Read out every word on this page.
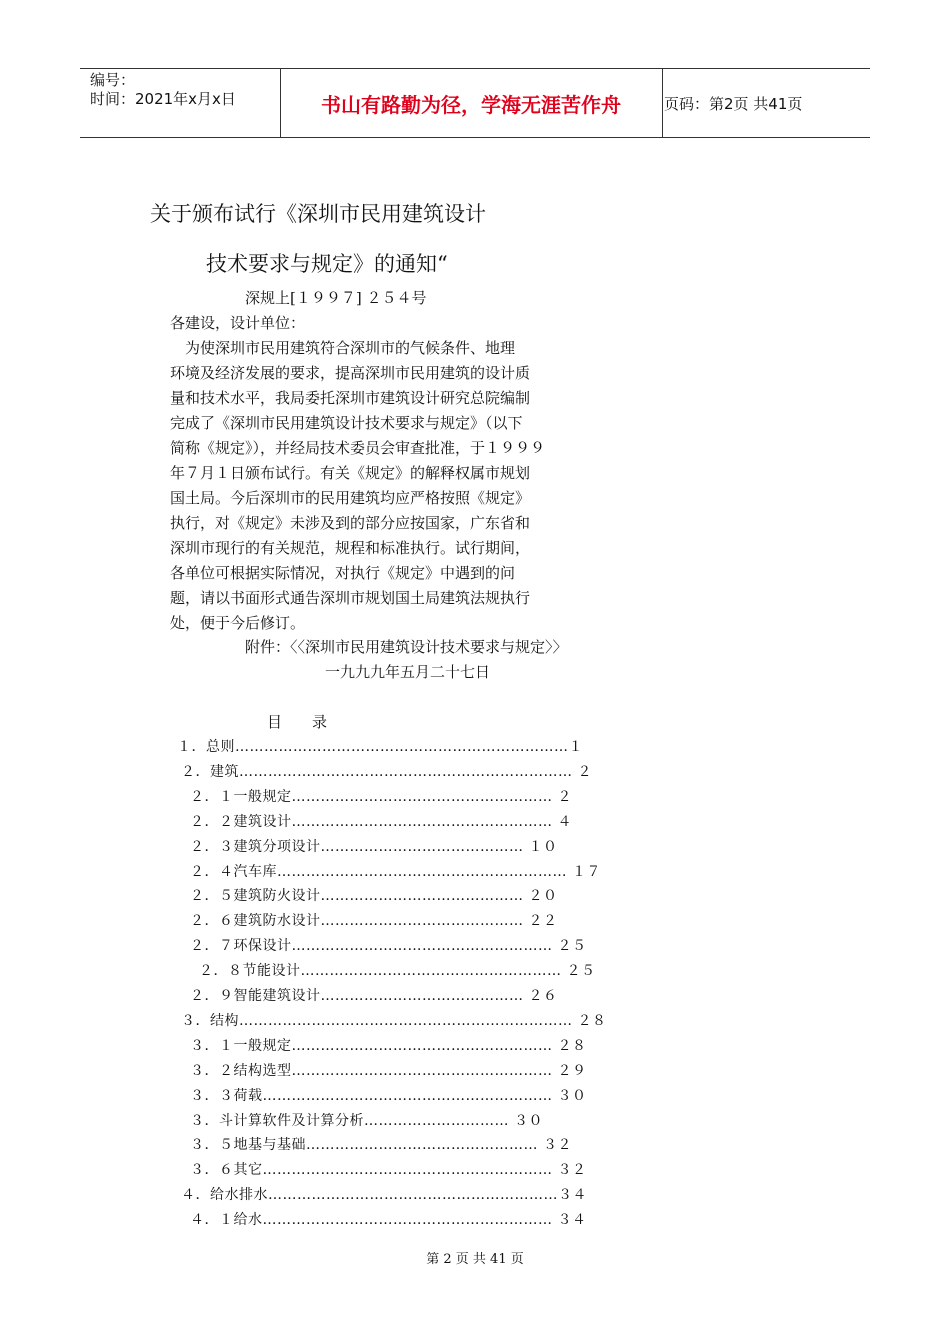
编号：
时间：2021年x月x日	书山有路勤为径，学海无涯苦作舟	页码：第2页 共41页
关于颁布试行《深圳市民用建筑设计
技术要求与规定》的通知“
深规上[１９９７] ２５４号
各建设，设计单位：
为使深圳市民用建筑符合深圳市的气候条件、地理
环境及经济发展的要求，提高深圳市民用建筑的设计质
量和技术水平，我局委托深圳市建筑设计研究总院编制
完成了《深圳市民用建筑设计技术要求与规定》（以下
简称《规定》），并经局技术委员会审查批准，于１９９９
年７月１日颁布试行。有关《规定》的解释权属市规划
国土局。今后深圳市的民用建筑均应严格按照《规定》
执行，对《规定》未涉及到的部分应按国家，广东省和
深圳市现行的有关规范，规程和标准执行。试行期间，
各单位可根据实际情况，对执行《规定》中遇到的问
题，请以书面形式通告深圳市规划国土局建筑法规执行
处，便于今后修订。
附件：〈〈深圳市民用建筑设计技术要求与规定〉〉
一九九九年五月二十七日
目　　录
１．总则……………………………………………………………１
２．建筑…………………………………………………………… ２
２．１一般规定……………………………………………… ２
２．２建筑设计……………………………………………… ４
２．３建筑分项设计…………………………………… １０
２．４汽车库…………………………………………………… １７
２．５建筑防火设计…………………………………… ２０
２．６建筑防水设计…………………………………… ２２
２．７环保设计……………………………………………… ２５
２．８节能设计……………………………………………… ２５
２．９智能建筑设计…………………………………… ２６
３．结构…………………………………………………………… ２８
３．１一般规定……………………………………………… ２８
３．２结构选型……………………………………………… ２９
３．３荷载…………………………………………………… ３０
３．斗计算软件及计算分析………………………… ３０
３．５地基与基础………………………………………… ３２
３．６其它…………………………………………………… ３２
４．给水排水……………………………………………………３４
４．１给水…………………………………………………… ３４
第 2 页 共 41 页
